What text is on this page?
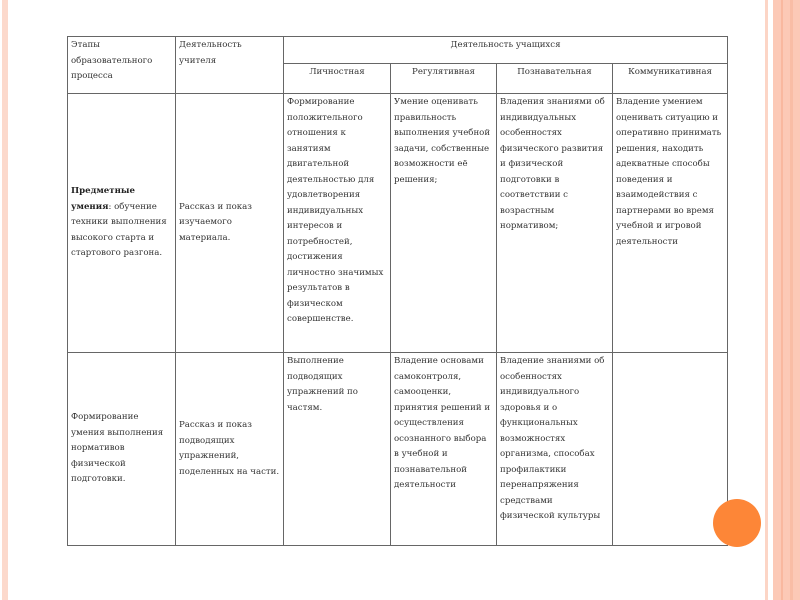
Этапы образовательного процесса	Деятельность учителя	Деятельность учащихся			
		Личностная	Регулятивная	Познавательная	Коммуникативная
Предметные умения: обучение техники выполнения высокого старта и стартового разгона.	Рассказ и показ изучаемого материала.	Формирование положительного отношения к занятиям двигательной деятельностью для удовлетворения индивидуальных интересов и потребностей, достижения личностно значимых результатов в физическом совершенстве.	Умение оценивать правильность выполнения учебной задачи, собственные возможности её решения;	Владения знаниями об индивидуальных особенностях физического развития и физической подготовки в соответствии с возрастным нормативом;	Владение умением оценивать ситуацию и оперативно принимать решения, находить адекватные способы поведения и взаимодействия с партнерами во время учебной и игровой деятельности
Формирование умения выполнения нормативов физической подготовки.	Рассказ и показ подводящих упражнений, поделенных на части.	Выполнение подводящих упражнений по частям.	Владение основами самоконтроля, самооценки, принятия решений и осуществления осознанного выбора в учебной и познавательной деятельности	Владение знаниями об особенностях индивидуального здоровья и о функциональных возможностях организма, способах профилактики перенапряжения средствами физической культуры	
